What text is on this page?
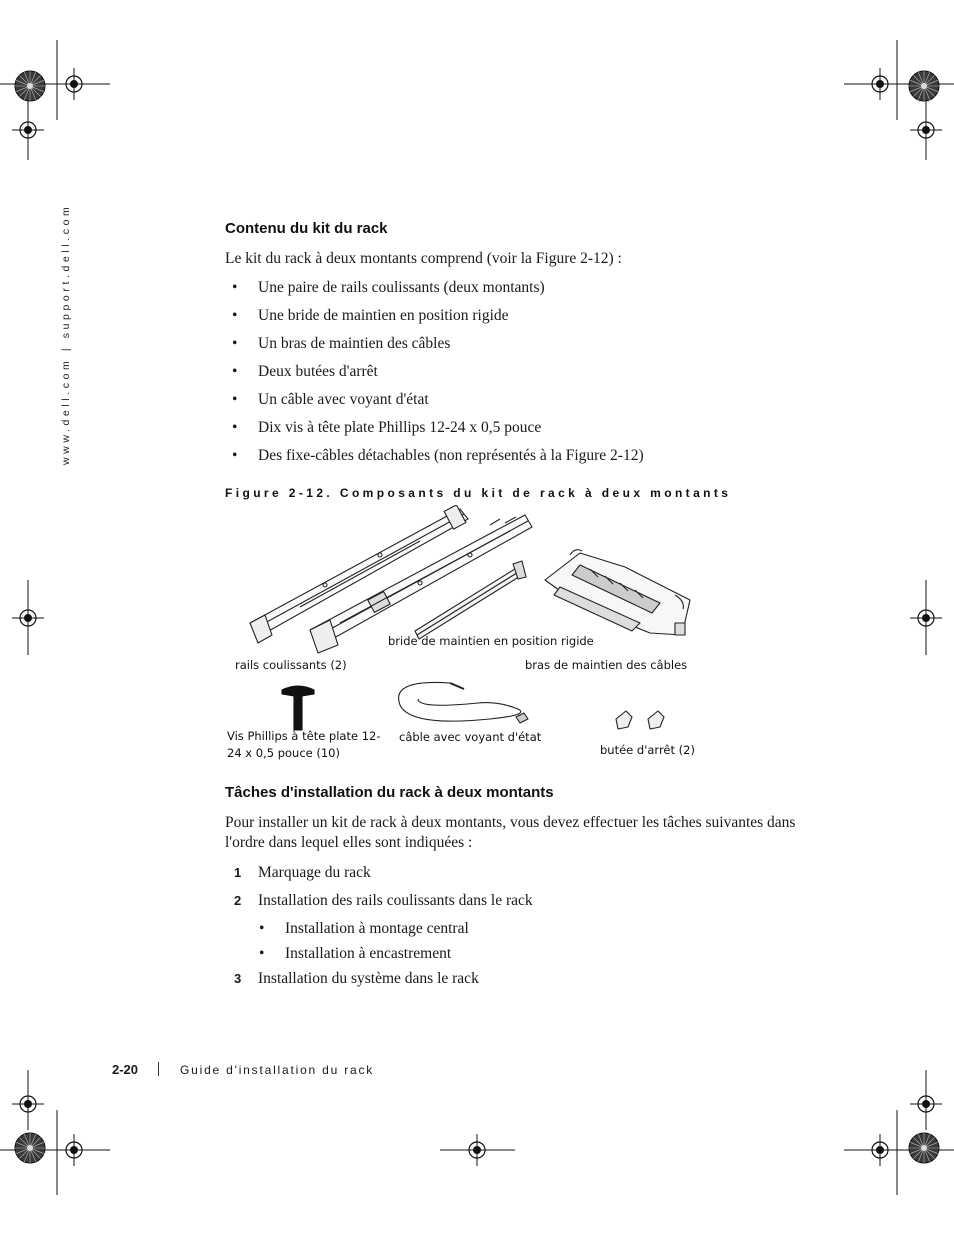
www.dell.com | support.dell.com	Contenu du kit du rack
Le kit du rack à deux montants comprend (voir la Figure 2-12) :
• Une paire de rails coulissants (deux montants)
• Une bride de maintien en position rigide
• Un bras de maintien des câbles
• Deux butées d'arrêt
• Un câble avec voyant d'état
• Dix vis à tête plate Phillips 12-24 x 0,5 pouce
• Des fixe-câbles détachables (non représentés à la Figure 2-12)
Figure 2-12. Composants du kit de rack à deux montants
bride de maintien en position rigide
rails coulissants (2)	bras de maintien des câbles
Vis Phillips à tête plate 12-
24 x 0,5 pouce (10)
câble avec voyant d'état
butée d'arrêt (2)
Tâches d'installation du rack à deux montants
Pour installer un kit de rack à deux montants, vous devez effectuer les tâches suivantes dans
l'ordre dans lequel elles sont indiquées :
1 Marquage du rack
2 Installation des rails coulissants dans le rack
• Installation à montage central
• Installation à encastrement
3 Installation du système dans le rack
2-20	Guide d'installation du rack
